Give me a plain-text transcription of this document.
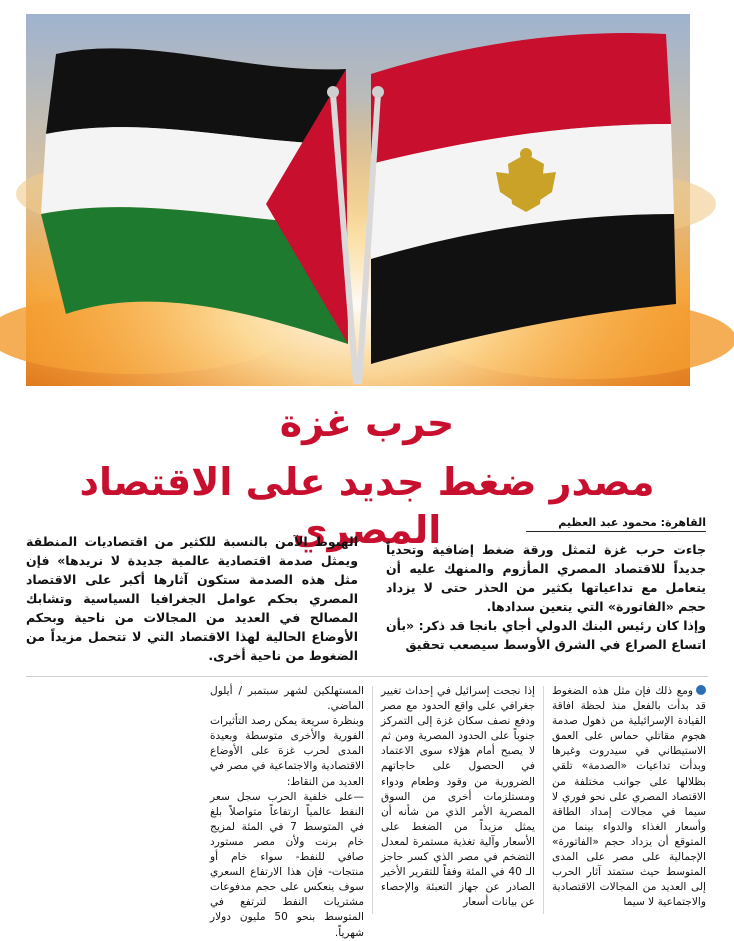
حرب غزة
مصدر ضغط جديد على الاقتصاد المصري	القاهرة: محمود عبد العظيم

جاءت حرب غزة لتمثل ورقة ضغط إضافية وتحدياً جديداً للاقتصاد المصري المأزوم والمنهك عليه أن يتعامل مع تداعياتها بكثير من الحذر حتى لا يزداد حجم «الفاتورة» التي يتعين سدادها.

وإذا كان رئيس البنك الدولي أجاي بانجا قد ذكر: «بأن اتساع الصراع في الشرق الأوسط سيصعب تحقيق

الهبوط الآمن بالنسبة للكثير من اقتصاديات المنطقة ويمثل صدمة اقتصادية عالمية جديدة لا نريدها» فإن مثل هذه الصدمة ستكون آثارها أكبر على الاقتصاد المصري بحكم عوامل الجغرافيا السياسية وتشابك المصالح في العديد من المجالات من ناحية وبحكم الأوضاع الحالية لهذا الاقتصاد التي لا تتحمل مزيداً من الضغوط من ناحية أخرى.

ومع ذلك فإن مثل هذه الضغوط قد بدأت بالفعل منذ لحظة افاقة القيادة الإسرائيلية من ذهول صدمة هجوم مقاتلي حماس على العمق الاستيطاني في سيدروت وغيرها وبدأت تداعيات «الصدمة» تلقي بظلالها على جوانب مختلفة من الاقتصاد المصري على نحو فوري لا سيما في مجالات إمداد الطاقة وأسعار الغذاء والدواء بينما من المتوقع أن يزداد حجم «الفاتورة» الإجمالية على مصر على المدى المتوسط حيث ستمتد آثار الحرب إلى العديد من المجالات الاقتصادية والاجتماعية لا سيما

إذا نجحت إسرائيل في إحداث تغيير جغرافي على واقع الحدود مع مصر ودفع نصف سكان غزة إلى التمركز جنوباً على الحدود المصرية ومن ثم لا يصبح أمام هؤلاء سوى الاعتماد في الحصول على حاجاتهم الضرورية من وقود وطعام ودواء ومستلزمات أخرى من السوق المصرية الأمر الذي من شأنه أن يمثل مزيداً من الضغط على الأسعار وآلية تغذية مستمرة لمعدل التضخم في مصر الذي كسر حاجز الـ 40 في المئة وفقاً للتقرير الأخير الصادر عن جهاز التعبئة والإحصاء عن بيانات أسعار

المستهلكين لشهر سبتمبر / أيلول الماضي.

وبنظرة سريعة يمكن رصد التأثيرات الفورية والأخرى متوسطة وبعيدة المدى لحرب غزة على الأوضاع الاقتصادية والاجتماعية في مصر في العديد من النقاط:

—على خلفية الحرب سجل سعر النفط عالمياً ارتفاعاً متواصلاً بلغ في المتوسط 7 في المئة لمزيج خام برنت ولأن مصر مستورد صافي للنفط- سواء خام أو منتجات- فإن هذا الارتفاع السعري سوف ينعكس على حجم مدفوعات مشتريات النفط لترتفع في المتوسط بنحو 50 مليون دولار شهرياً.
